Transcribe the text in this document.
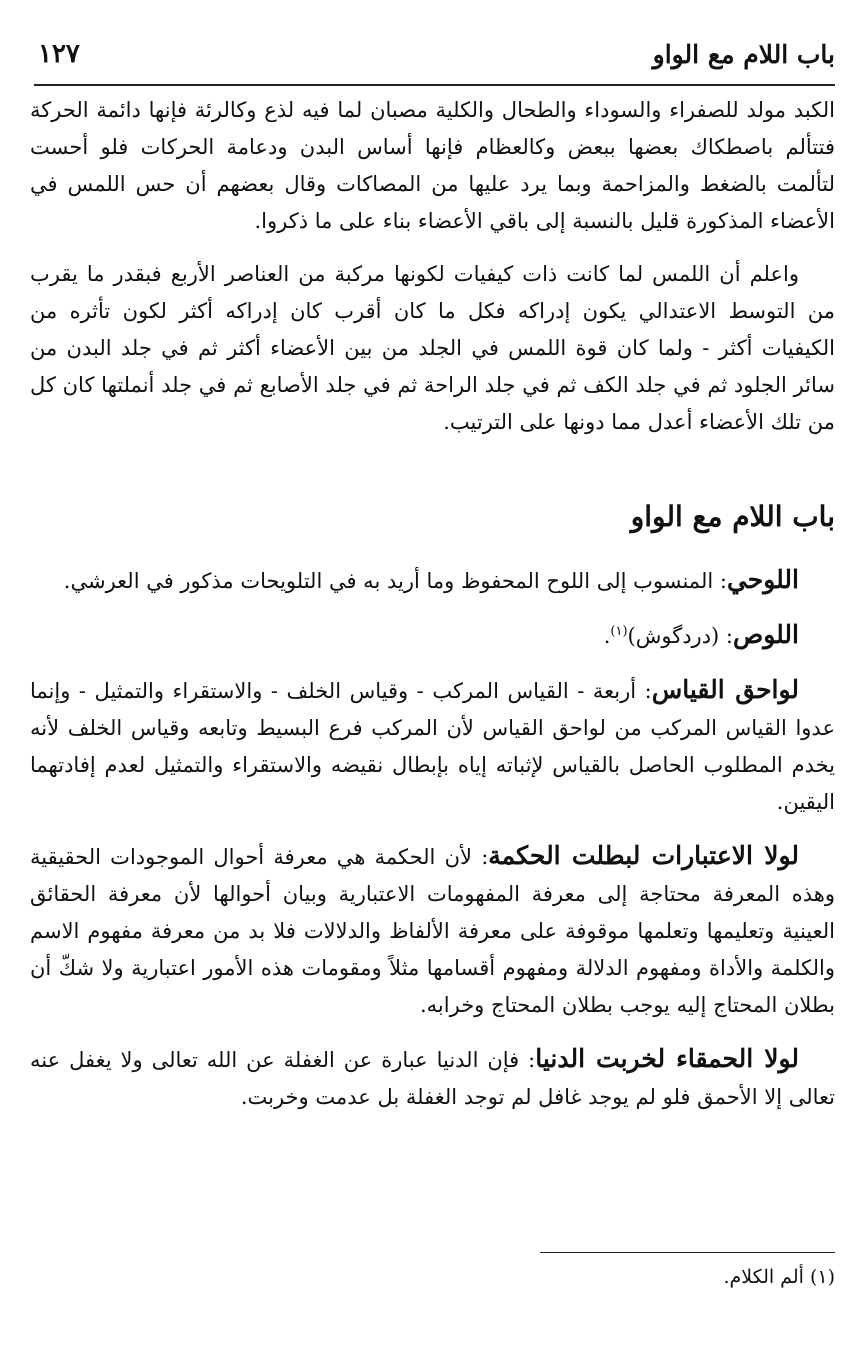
باب اللام مع الواو
١٢٧

الكبد مولد للصفراء والسوداء والطحال والكلية مصبان لما فيه لذع وكالرئة فإنها دائمة الحركة فتتألم باصطكاك بعضها ببعض وكالعظام فإنها أساس البدن ودعامة الحركات فلو أحست لتألمت بالضغط والمزاحمة وبما يرد عليها من المصاكات وقال بعضهم أن حس اللمس في الأعضاء المذكورة قليل بالنسبة إلى باقي الأعضاء بناء على ما ذكروا.

واعلم أن اللمس لما كانت ذات كيفيات لكونها مركبة من العناصر الأربع فبقدر ما يقرب من التوسط الاعتدالي يكون إدراكه فكل ما كان أقرب كان إدراكه أكثر لكون تأثره من الكيفيات أكثر - ولما كان قوة اللمس في الجلد من بين الأعضاء أكثر ثم في جلد البدن من سائر الجلود ثم في جلد الكف ثم في جلد الراحة ثم في جلد الأصابع ثم في جلد أنملتها كان كل من تلك الأعضاء أعدل مما دونها على الترتيب.

باب اللام مع الواو

اللوحي: المنسوب إلى اللوح المحفوظ وما أريد به في التلويحات مذكور في العرشي.

اللوص: (دردگوش)$^{(١)}$.

لواحق القياس: أربعة - القياس المركب - وقياس الخلف - والاستقراء والتمثيل - وإنما عدوا القياس المركب من لواحق القياس لأن المركب فرع البسيط وتابعه وقياس الخلف لأنه يخدم المطلوب الحاصل بالقياس لإثباته إياه بإبطال نقيضه والاستقراء والتمثيل لعدم إفادتهما اليقين.

لولا الاعتبارات لبطلت الحكمة: لأن الحكمة هي معرفة أحوال الموجودات الحقيقية وهذه المعرفة محتاجة إلى معرفة المفهومات الاعتبارية وبيان أحوالها لأن معرفة الحقائق العينية وتعليمها وتعلمها موقوفة على معرفة الألفاظ والدلالات فلا بد من معرفة مفهوم الاسم والكلمة والأداة ومفهوم الدلالة ومفهوم أقسامها مثلاً ومقومات هذه الأمور اعتبارية ولا شكّ أن بطلان المحتاج إليه يوجب بطلان المحتاج وخرابه.

لولا الحمقاء لخربت الدنيا: فإن الدنيا عبارة عن الغفلة عن الله تعالى ولا يغفل عنه تعالى إلا الأحمق فلو لم يوجد غافل لم توجد الغفلة بل عدمت وخربت.

(١) ألم الكلام.
